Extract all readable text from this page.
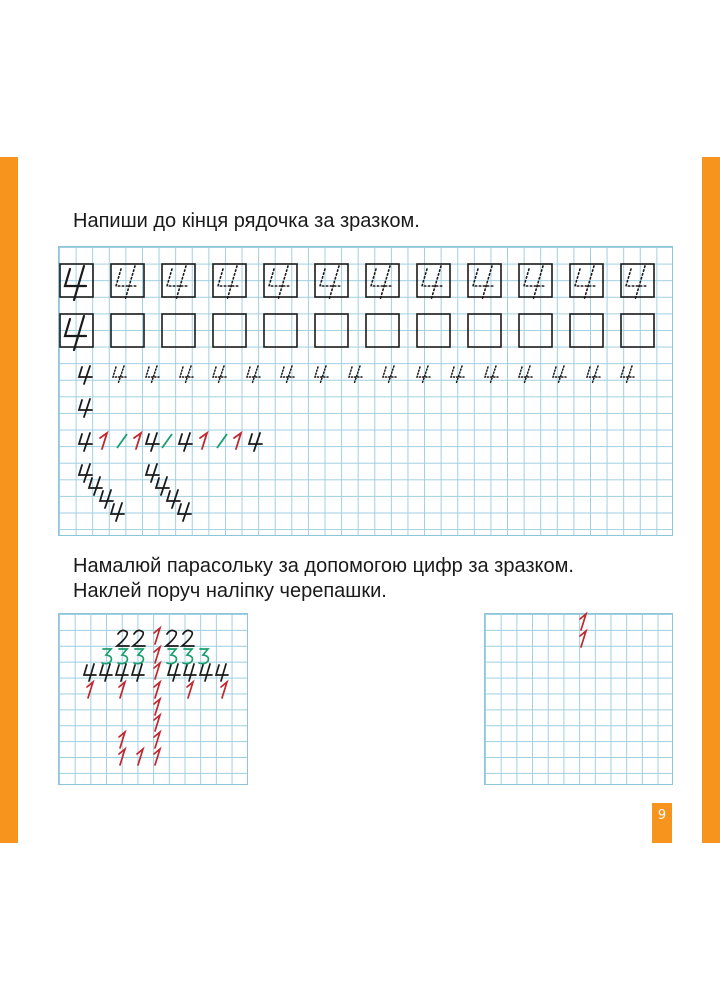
Напиши до кінця рядочка за зразком.

Намалюй парасольку за допомогою цифр за зразком.

Наклей поруч наліпку черепашки.

9
